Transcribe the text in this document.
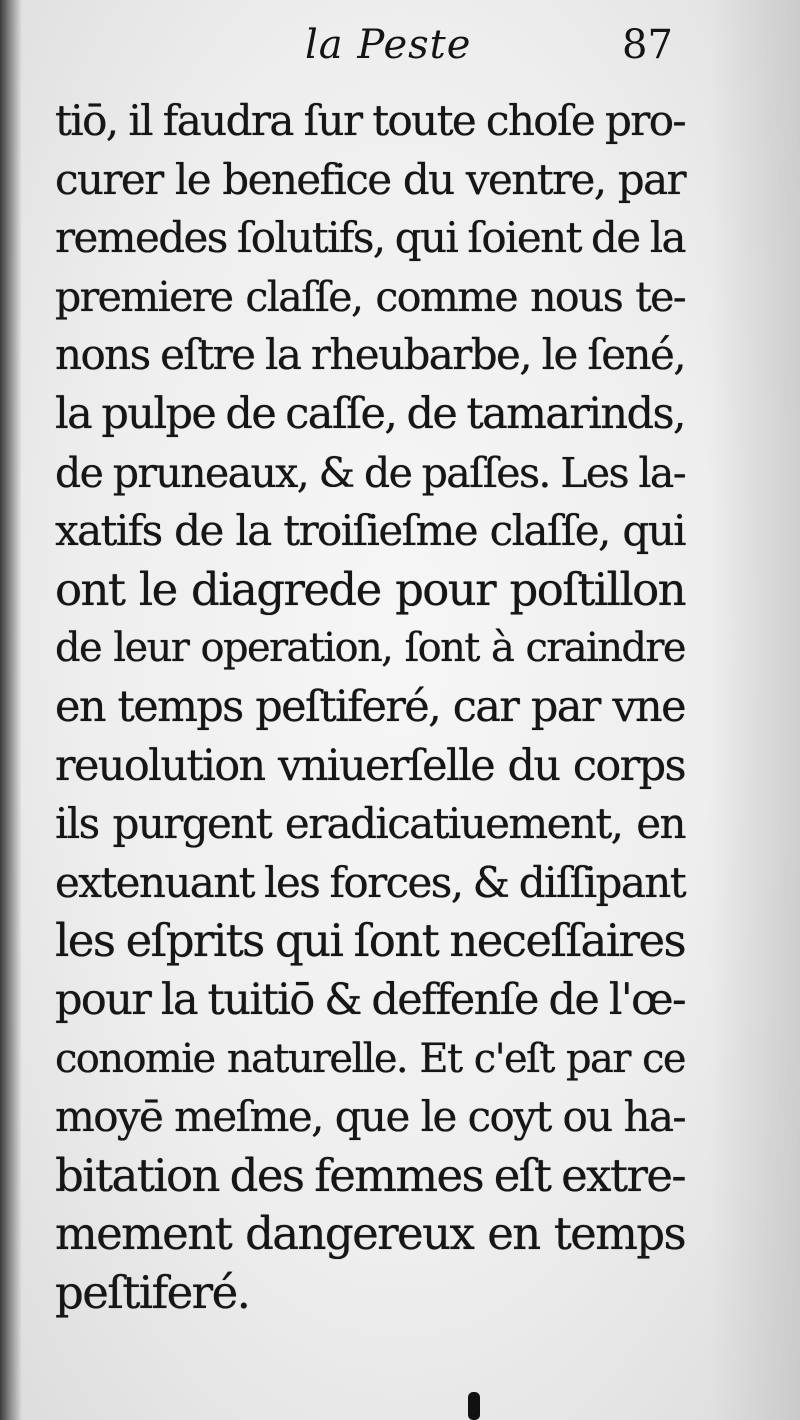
la Peste	87
tiō, il faudra ſur toute choſe pro-
curer le benefice du ventre, par
remedes ſolutifs, qui ſoient de la
premiere claſſe, comme nous te-
nons eſtre la rheubarbe, le ſené,
la pulpe de caſſe, de tamarinds,
de pruneaux, & de paſſes. Les la-
xatifs de la troiſieſme claſſe, qui
ont le diagrede pour poſtillon
de leur operation, ſont à craindre
en temps peſtiferé, car par vne
reuolution vniuerſelle du corps
ils purgent eradicatiuement, en
extenuant les forces, & diſſipant
les eſprits qui ſont neceſſaires
pour la tuitiō & deffenſe de l'œ-
conomie naturelle. Et c'eſt par ce
moyē meſme, que le coyt ou ha-
bitation des femmes eſt extre-
mement dangereux en temps
peſtiferé.
